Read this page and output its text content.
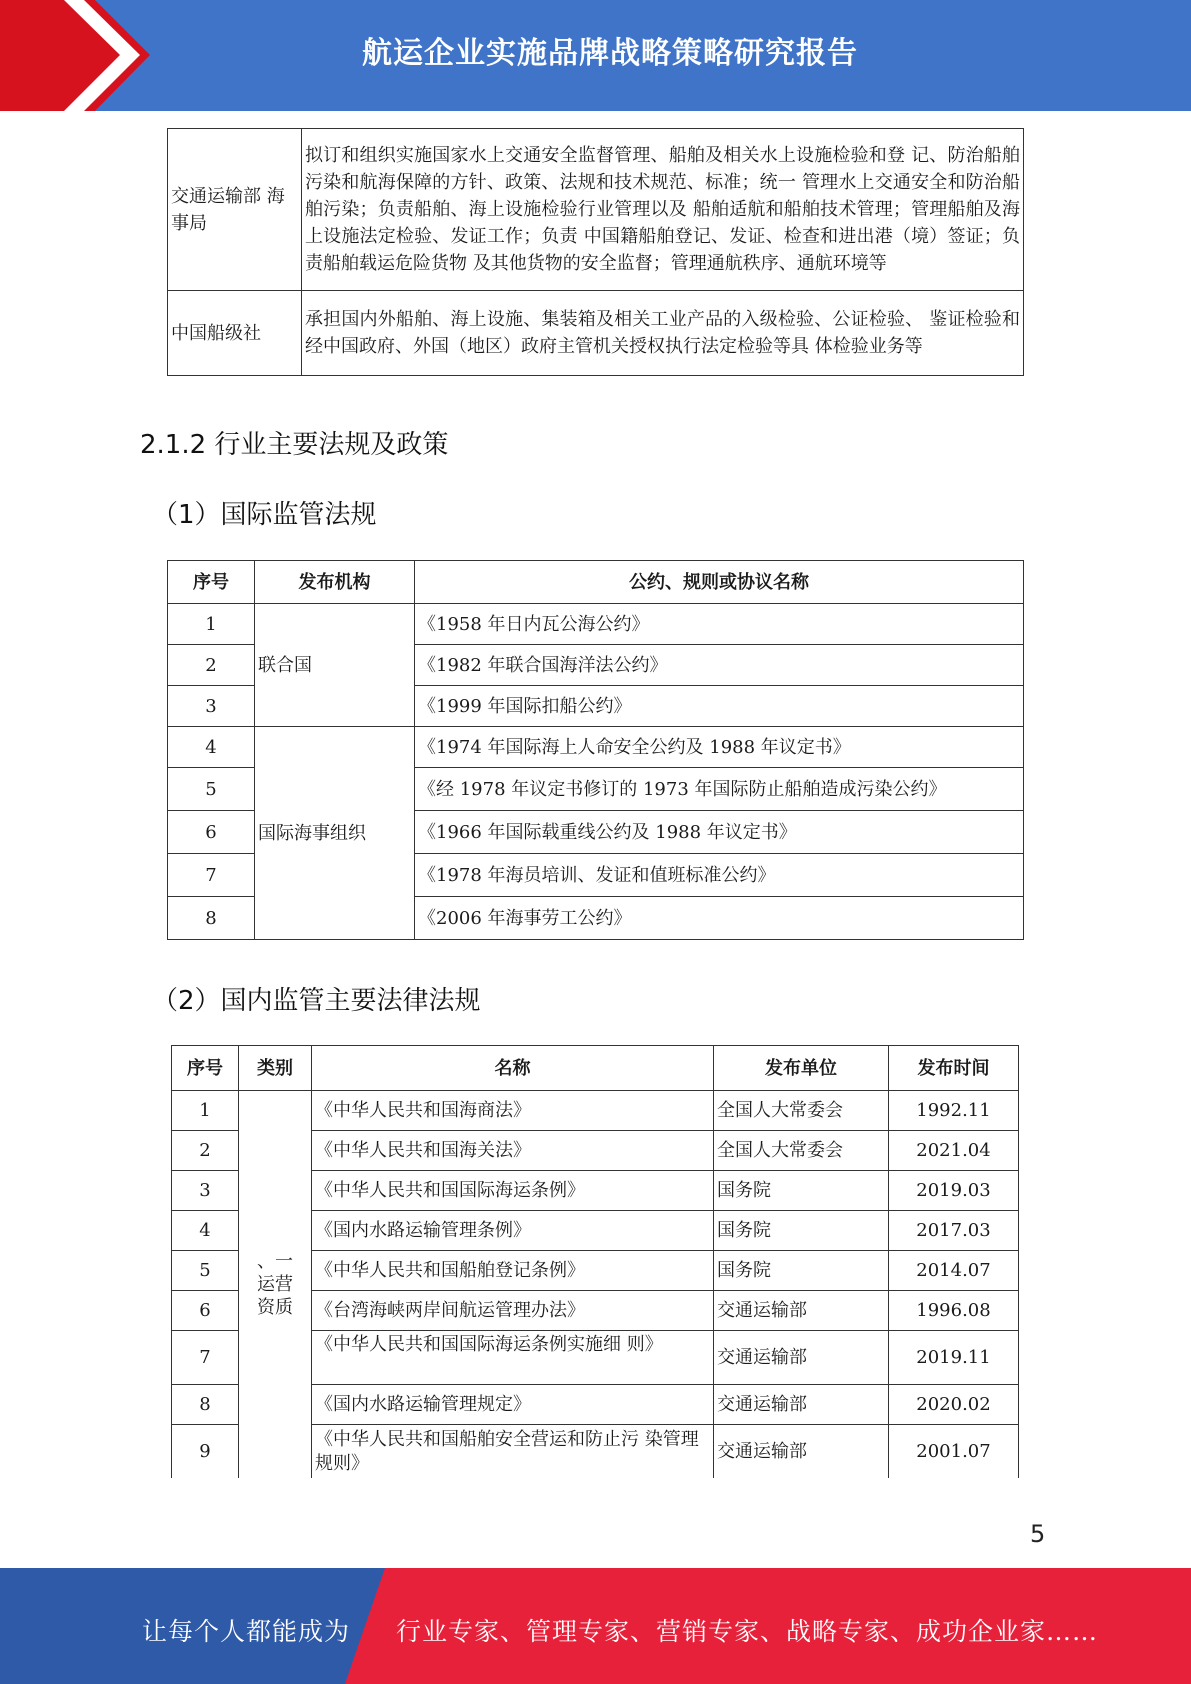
航运企业实施品牌战略策略研究报告
交通运输部 海事局	拟订和组织实施国家水上交通安全监督管理、船舶及相关水上设施检验和登 记、防治船舶污染和航海保障的方针、政策、法规和技术规范、标准；统一 管理水上交通安全和防治船舶污染；负责船舶、海上设施检验行业管理以及 船舶适航和船舶技术管理；管理船舶及海上设施法定检验、发证工作；负责 中国籍船舶登记、发证、检查和进出港（境）签证；负责船舶载运危险货物 及其他货物的安全监督；管理通航秩序、通航环境等
中国船级社	承担国内外船舶、海上设施、集装箱及相关工业产品的入级检验、公证检验、 鉴证检验和经中国政府、外国（地区）政府主管机关授权执行法定检验等具 体检验业务等
2.1.2 行业主要法规及政策
（1）国际监管法规
序号	发布机构	公约、规则或协议名称
1	联合国	《1958 年日内瓦公海公约》
2		《1982 年联合国海洋法公约》
3		《1999 年国际扣船公约》
4	国际海事组织	《1974 年国际海上人命安全公约及 1988 年议定书》
5		《经 1978 年议定书修订的 1973 年国际防止船舶造成污染公约》
6		《1966 年国际载重线公约及 1988 年议定书》
7		《1978 年海员培训、发证和值班标准公约》
8		《2006 年海事劳工公约》
（2）国内监管主要法律法规
序号	类别	名称	发布单位	发布时间
1	、一
运营
资质	《中华人民共和国海商法》	全国人大常委会	1992.11
2		《中华人民共和国海关法》	全国人大常委会	2021.04
3		《中华人民共和国国际海运条例》	国务院	2019.03
4		《国内水路运输管理条例》	国务院	2017.03
5		《中华人民共和国船舶登记条例》	国务院	2014.07
6		《台湾海峡两岸间航运管理办法》	交通运输部	1996.08
7		《中华人民共和国国际海运条例实施细 则》	交通运输部	2019.11
8		《国内水路运输管理规定》	交通运输部	2020.02
9		《中华人民共和国船舶安全营运和防止污 染管理规则》	交通运输部	2001.07
5
让每个人都能成为 行业专家、管理专家、营销专家、战略专家、成功企业家……
